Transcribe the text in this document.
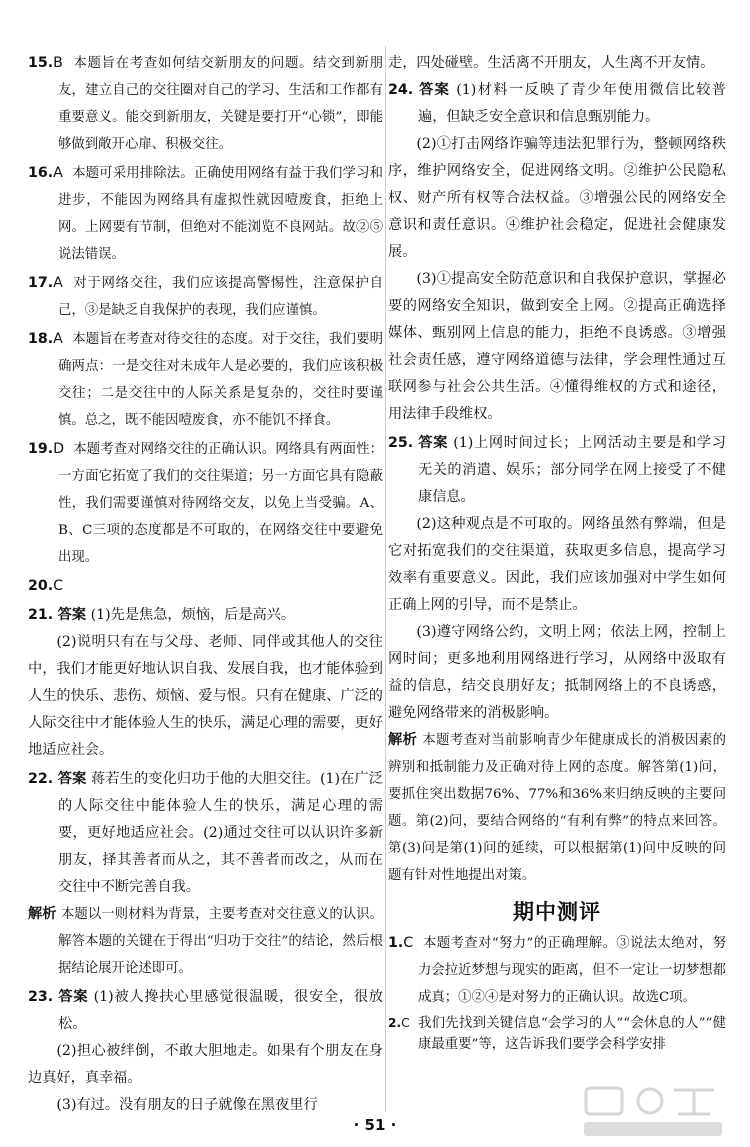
15.B 本题旨在考查如何结交新朋友的问题。结交到新朋友，建立自己的交往圈对自己的学习、生活和工作都有重要意义。能交到新朋友，关键是要打开“心锁”，即能够做到敞开心扉、积极交往。
16.A 本题可采用排除法。正确使用网络有益于我们学习和进步，不能因为网络具有虚拟性就因噎废食，拒绝上网。上网要有节制，但绝对不能浏览不良网站。故②⑤说法错误。
17.A 对于网络交往，我们应该提高警惕性，注意保护自己，③是缺乏自我保护的表现，我们应谨慎。
18.A 本题旨在考查对待交往的态度。对于交往，我们要明确两点：一是交往对未成年人是必要的，我们应该积极交往；二是交往中的人际关系是复杂的，交往时要谨慎。总之，既不能因噎废食，亦不能饥不择食。
19.D 本题考查对网络交往的正确认识。网络具有两面性：一方面它拓宽了我们的交往渠道；另一方面它具有隐蔽性，我们需要谨慎对待网络交友，以免上当受骗。A、B、C三项的态度都是不可取的，在网络交往中要避免出现。
20.C
21. 答案 (1)先是焦急，烦恼，后是高兴。

(2)说明只有在与父母、老师、同伴或其他人的交往中，我们才能更好地认识自我、发展自我，也才能体验到人生的快乐、悲伤、烦恼、爱与恨。只有在健康、广泛的人际交往中才能体验人生的快乐，满足心理的需要，更好地适应社会。

22. 答案 蒋若生的变化归功于他的大胆交往。(1)在广泛的人际交往中能体验人生的快乐，满足心理的需要，更好地适应社会。(2)通过交往可以认识许多新朋友，择其善者而从之，其不善者而改之，从而在交往中不断完善自我。
解析 本题以一则材料为背景，主要考查对交往意义的认识。解答本题的关键在于得出“归功于交往”的结论，然后根据结论展开论述即可。
23. 答案 (1)被人搀扶心里感觉很温暖，很安全，很放松。

(2)担心被绊倒，不敢大胆地走。如果有个朋友在身边真好，真幸福。

(3)有过。没有朋友的日子就像在黑夜里行

走，四处碰壁。生活离不开朋友，人生离不开友情。

24. 答案 (1)材料一反映了青少年使用微信比较普遍，但缺乏安全意识和信息甄别能力。

(2)①打击网络诈骗等违法犯罪行为，整顿网络秩序，维护网络安全，促进网络文明。②维护公民隐私权、财产所有权等合法权益。③增强公民的网络安全意识和责任意识。④维护社会稳定，促进社会健康发展。

(3)①提高安全防范意识和自我保护意识，掌握必要的网络安全知识，做到安全上网。②提高正确选择媒体、甄别网上信息的能力，拒绝不良诱惑。③增强社会责任感，遵守网络道德与法律，学会理性通过互联网参与社会公共生活。④懂得维权的方式和途径，用法律手段维权。

25. 答案 (1)上网时间过长；上网活动主要是和学习无关的消遣、娱乐；部分同学在网上接受了不健康信息。

(2)这种观点是不可取的。网络虽然有弊端，但是它对拓宽我们的交往渠道，获取更多信息，提高学习效率有重要意义。因此，我们应该加强对中学生如何正确上网的引导，而不是禁止。

(3)遵守网络公约，文明上网；依法上网，控制上网时间；更多地利用网络进行学习，从网络中汲取有益的信息，结交良朋好友；抵制网络上的不良诱惑，避免网络带来的消极影响。

解析 本题考查对当前影响青少年健康成长的消极因素的辨别和抵制能力及正确对待上网的态度。解答第(1)问，要抓住突出数据76%、77%和36%来归纳反映的主要问题。第(2)问，要结合网络的“有利有弊”的特点来回答。第(3)问是第(1)问的延续，可以根据第(1)问中反映的问题有针对性地提出对策。
期中测评
1.C 本题考查对“努力”的正确理解。③说法太绝对，努力会拉近梦想与现实的距离，但不一定让一切梦想都成真；①②④是对努力的正确认识。故选C项。
2.C 我们先找到关键信息“会学习的人”“会休息的人”“健康最重要”等，这告诉我们要学会科学安排
· 51 ·
